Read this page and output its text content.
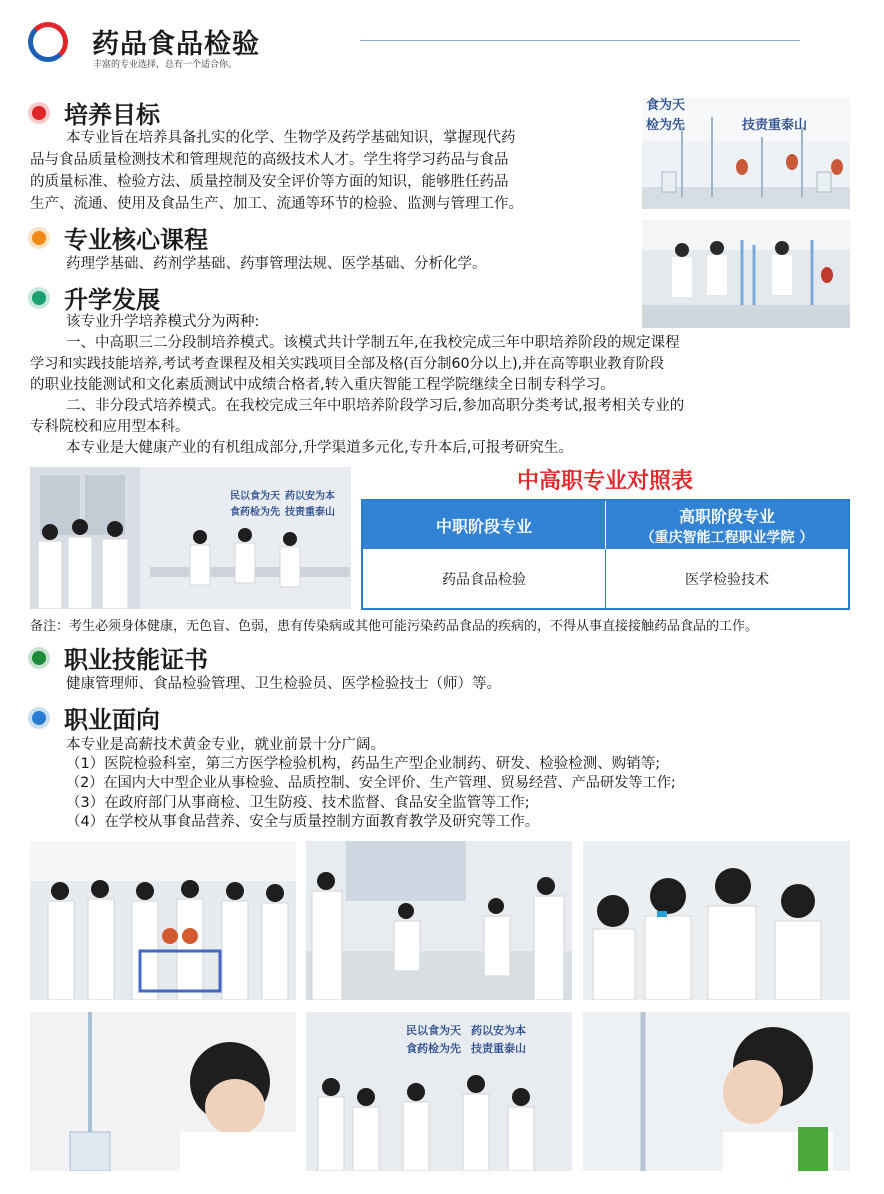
药品食品检验
丰富的专业选择，总有一个适合你。
食为天
检为先	技责重泰山
培养目标
本专业旨在培养具备扎实的化学、生物学及药学基础知识，掌握现代药
品与食品质量检测技术和管理规范的高级技术人才。学生将学习药品与食品
的质量标准、检验方法、质量控制及安全评价等方面的知识，能够胜任药品
生产、流通、使用及食品生产、加工、流通等环节的检验、监测与管理工作。
专业核心课程
药理学基础、药剂学基础、药事管理法规、医学基础、分析化学。
升学发展
该专业升学培养模式分为两种:
一、中高职三二分段制培养模式。该模式共计学制五年,在我校完成三年中职培养阶段的规定课程
学习和实践技能培养,考试考查课程及相关实践项目全部及格(百分制60分以上),并在高等职业教育阶段
的职业技能测试和文化素质测试中成绩合格者,转入重庆智能工程学院继续全日制专科学习。
二、非分段式培养模式。在我校完成三年中职培养阶段学习后,参加高职分类考试,报考相关专业的
专科院校和应用型本科。
本专业是大健康产业的有机组成部分,升学渠道多元化,专升本后,可报考研究生。
民以食为天 药以安为本
食药检为先 技责重泰山
中高职专业对照表
中职阶段专业
高职阶段专业
（重庆智能工程职业学院 ）
药品食品检验	医学检验技术
备注：考生必须身体健康，无色盲、色弱，患有传染病或其他可能污染药品食品的疾病的，不得从事直接接触药品食品的工作。
职业技能证书
健康管理师、食品检验管理、卫生检验员、医学检验技士（师）等。
职业面向
本专业是高薪技术黄金专业，就业前景十分广阔。
（1）医院检验科室，第三方医学检验机构，药品生产型企业制药、研发、检验检测、购销等;
（2）在国内大中型企业从事检验、品质控制、安全评价、生产管理、贸易经营、产品研发等工作;
（3）在政府部门从事商检、卫生防疫、技术监督、食品安全监管等工作;
（4）在学校从事食品营养、安全与质量控制方面教育教学及研究等工作。
民以食为天 药以安为本
食药检为先 技责重泰山
